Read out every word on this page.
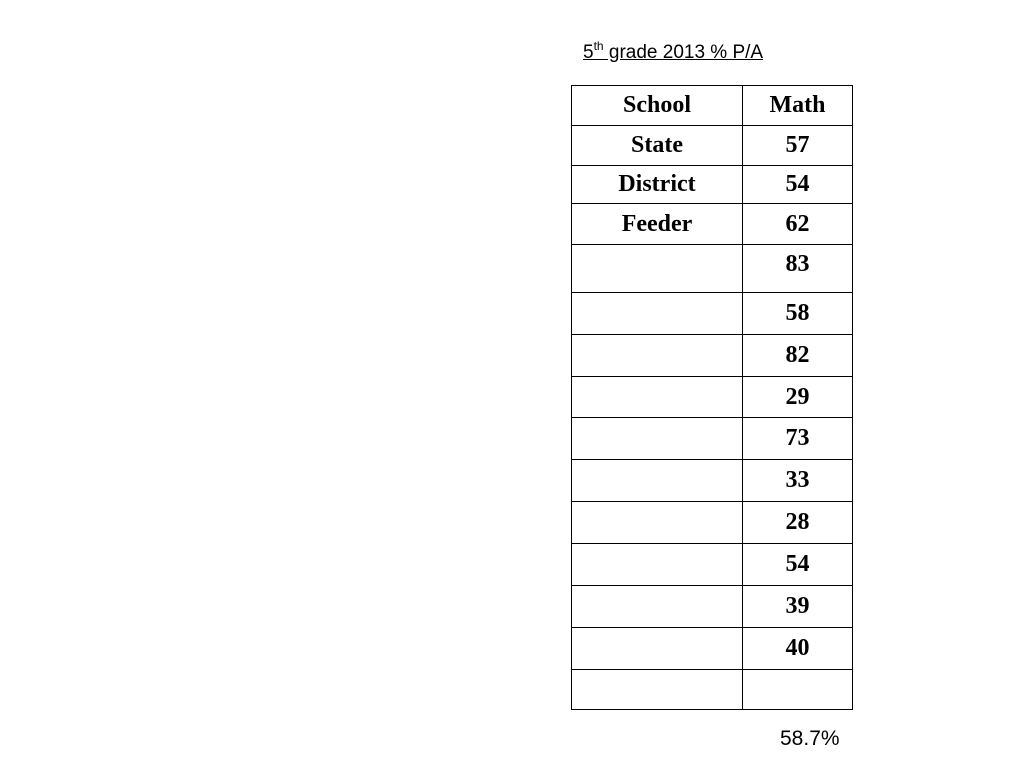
5th grade 2013 % P/A
School	Math
State	57
District	54
Feeder	62
	83
	58
	82
	29
	73
	33
	28
	54
	39
	40

58.7%
